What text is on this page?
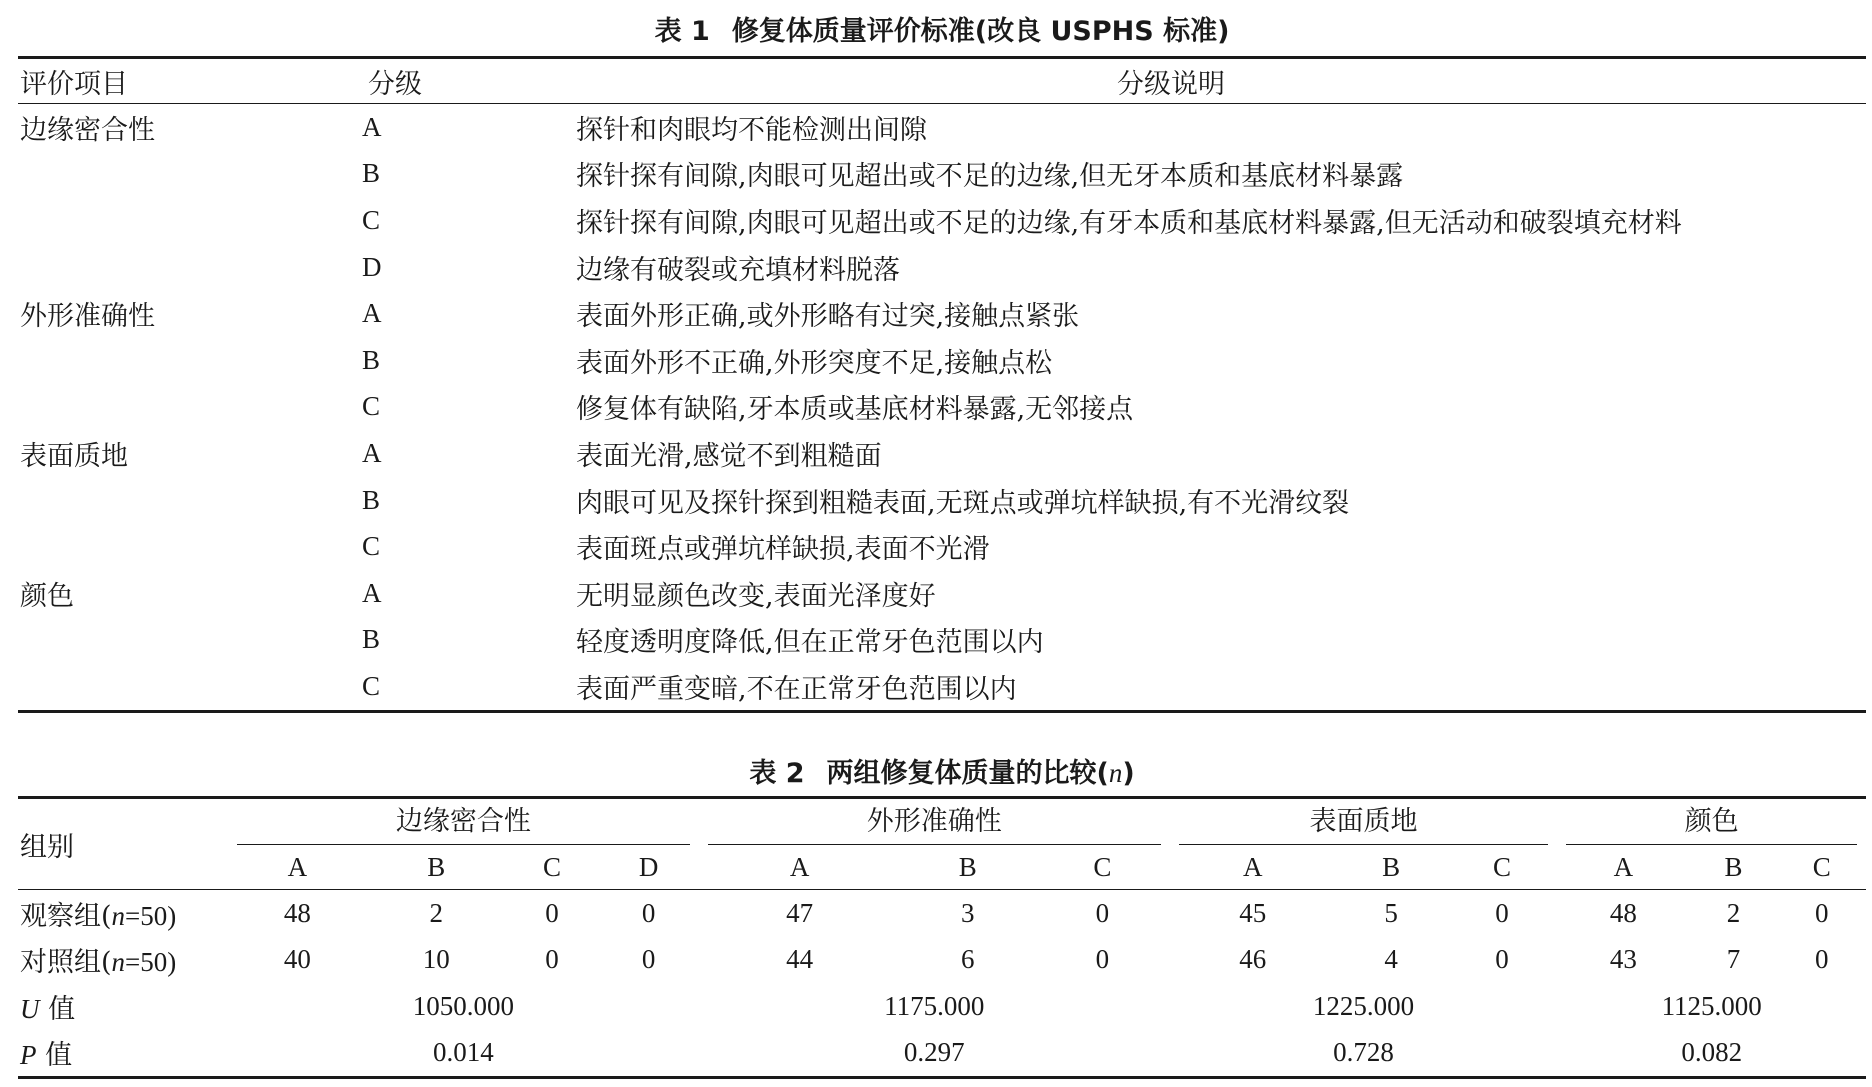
表 1 修复体质量评价标准(改良 USPHS 标准)
评价项目	分级	分级说明
边缘密合性	A	探针和肉眼均不能检测出间隙
	B	探针探有间隙,肉眼可见超出或不足的边缘,但无牙本质和基底材料暴露
	C	探针探有间隙,肉眼可见超出或不足的边缘,有牙本质和基底材料暴露,但无活动和破裂填充材料
	D	边缘有破裂或充填材料脱落
外形准确性	A	表面外形正确,或外形略有过突,接触点紧张
	B	表面外形不正确,外形突度不足,接触点松
	C	修复体有缺陷,牙本质或基底材料暴露,无邻接点
表面质地	A	表面光滑,感觉不到粗糙面
	B	肉眼可见及探针探到粗糙表面,无斑点或弹坑样缺损,有不光滑纹裂
	C	表面斑点或弹坑样缺损,表面不光滑
颜色	A	无明显颜色改变,表面光泽度好
	B	轻度透明度降低,但在正常牙色范围以内
	C	表面严重变暗,不在正常牙色范围以内
表 2 两组修复体质量的比较(n)
组别	边缘密合性				外形准确性			表面质地			颜色		

	A	B	C	D	A	B	C	A	B	C	A	B	C
观察组(n=50)	48	2	0	0	47	3	0	45	5	0	48	2	0
对照组(n=50)	40	10	0	0	44	6	0	46	4	0	43	7	0
U 值	1050.000				1175.000			1225.000			1125.000		
P 值	0.014				0.297			0.728			0.082		
